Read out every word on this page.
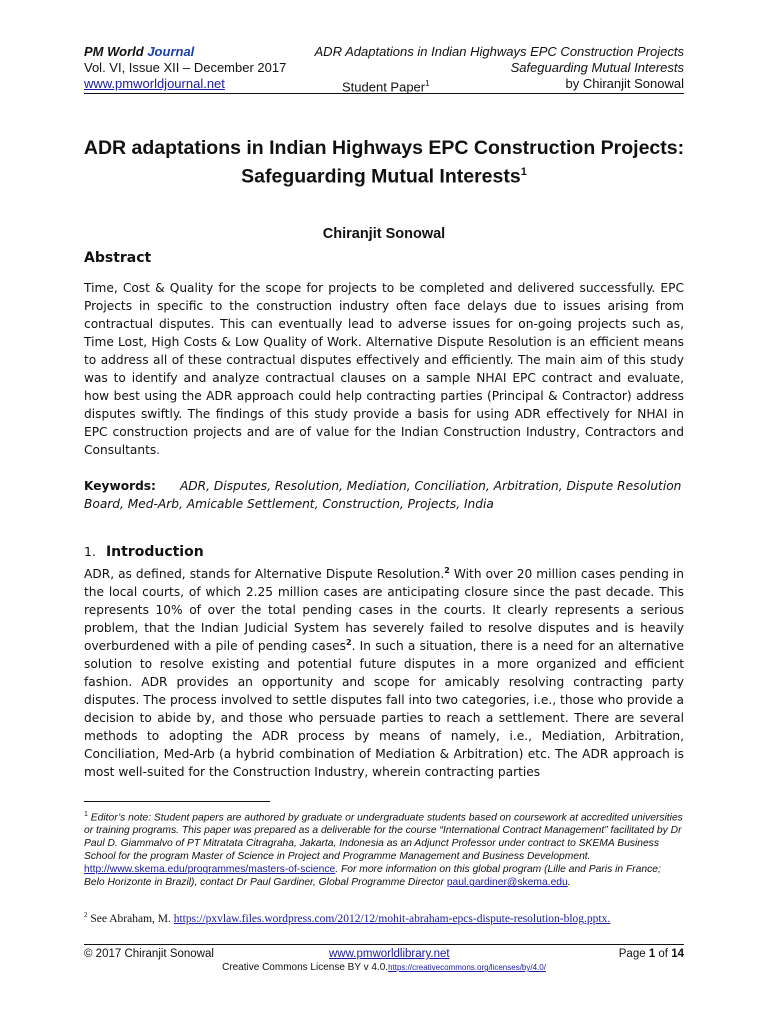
PM World Journal	ADR Adaptations in Indian Highways EPC Construction Projects
Vol. VI, Issue XII – December 2017	Safeguarding Mutual Interests
www.pmworldjournal.net	Student Paper$^1$	by Chiranjit Sonowal
ADR adaptations in Indian Highways EPC Construction Projects:
Safeguarding Mutual Interests$^1$
Chiranjit Sonowal
Abstract
Time, Cost & Quality for the scope for projects to be completed and delivered successfully. EPC Projects in specific to the construction industry often face delays due to issues arising from contractual disputes. This can eventually lead to adverse issues for on-going projects such as, Time Lost, High Costs & Low Quality of Work. Alternative Dispute Resolution is an efficient means to address all of these contractual disputes effectively and efficiently. The main aim of this study was to identify and analyze contractual clauses on a sample NHAI EPC contract and evaluate, how best using the ADR approach could help contracting parties (Principal & Contractor) address disputes swiftly. The findings of this study provide a basis for using ADR effectively for NHAI in EPC construction projects and are of value for the Indian Construction Industry, Contractors and Consultants.
Keywords: ADR, Disputes, Resolution, Mediation, Conciliation, Arbitration, Dispute Resolution Board, Med-Arb, Amicable Settlement, Construction, Projects, India
1. Introduction
ADR, as defined, stands for Alternative Dispute Resolution.$^2$ With over 20 million cases pending in the local courts, of which 2.25 million cases are anticipating closure since the past decade. This represents 10% of over the total pending cases in the courts. It clearly represents a serious problem, that the Indian Judicial System has severely failed to resolve disputes and is heavily overburdened with a pile of pending cases$^2$. In such a situation, there is a need for an alternative solution to resolve existing and potential future disputes in a more organized and efficient fashion. ADR provides an opportunity and scope for amicably resolving contracting party disputes. The process involved to settle disputes fall into two categories, i.e., those who provide a decision to abide by, and those who persuade parties to reach a settlement. There are several methods to adopting the ADR process by means of namely, i.e., Mediation, Arbitration, Conciliation, Med-Arb (a hybrid combination of Mediation & Arbitration) etc. The ADR approach is most well-suited for the Construction Industry, wherein contracting parties
$^1$ Editor’s note: Student papers are authored by graduate or undergraduate students based on coursework at accredited universities or training programs. This paper was prepared as a deliverable for the course “International Contract Management” facilitated by Dr Paul D. Giammalvo of PT Mitratata Citragraha, Jakarta, Indonesia as an Adjunct Professor under contract to SKEMA Business School for the program Master of Science in Project and Programme Management and Business Development. http://www.skema.edu/programmes/masters-of-science. For more information on this global program (Lille and Paris in France; Belo Horizonte in Brazil), contact Dr Paul Gardiner, Global Programme Director paul.gardiner@skema.edu.
$^2$ See Abraham, M. https://pxvlaw.files.wordpress.com/2012/12/mohit-abraham-epcs-dispute-resolution-blog.pptx.
© 2017 Chiranjit Sonowal	www.pmworldlibrary.net	Page 1 of 14
Creative Commons License BY v 4.0.https://creativecommons.org/licenses/by/4.0/
